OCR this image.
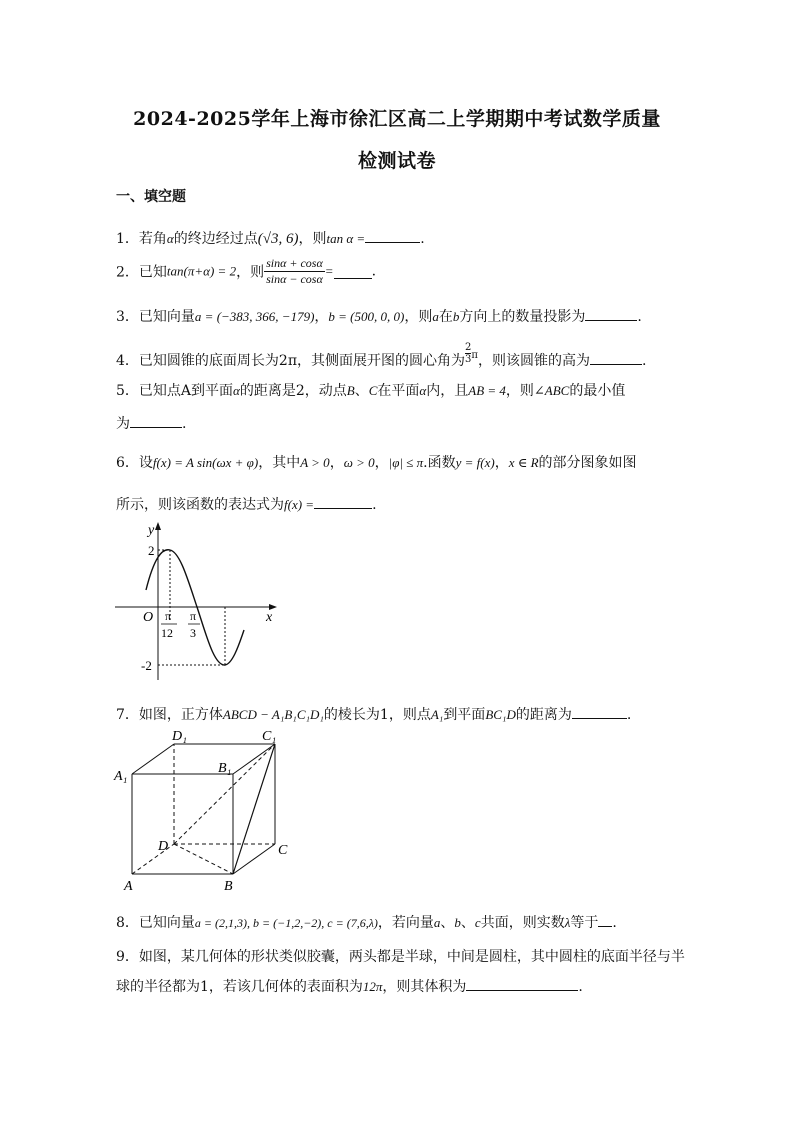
2024-2025学年上海市徐汇区高二上学期期中考试数学质量
检测试卷
一、填空题
1．若角α的终边经过点(√3, 6)，则tan α =	.
2．已知tan(π+α) = 2，则 $\frac{\sin\alpha + \cos\alpha}{\sin\alpha - \cos\alpha}$ =	.
3．已知向量a = (−383, 366, −179)，b = (500, 0, 0)，则a在b方向上的数量投影为	.
4．已知圆锥的底面周长为2π，其侧面展开图的圆心角为 $\frac{2}{3} ^\pi$，则该圆锥的高为	.
5．已知点A到平面α的距离是2，动点B、C在平面α内，且AB = 4，则∠ABC的最小值
为	.
6．设f(x) = A sin(ωx + φ)，其中A > 0，ω > 0，|φ| ≤ π.函数y = f(x)，x ∈ R的部分图象如图
所示，则该函数的表达式为f(x) =	.
y
x
O
2
-2
π
12
π
3
7．如图，正方体ABCD − A₁B₁C₁D₁的棱长为1，则点A₁到平面BC₁D的距离为	.
D₁	C₁
A₁
B₁
D	C
A	B
8．已知向量a = (2,1,3), b = (−1,2,−2), c = (7,6,λ)，若向量a、b、c共面，则实数λ等于 .
9．如图，某几何体的形状类似胶囊，两头都是半球，中间是圆柱，其中圆柱的底面半径与半
球的半径都为1，若该几何体的表面积为12π，则其体积为	.
